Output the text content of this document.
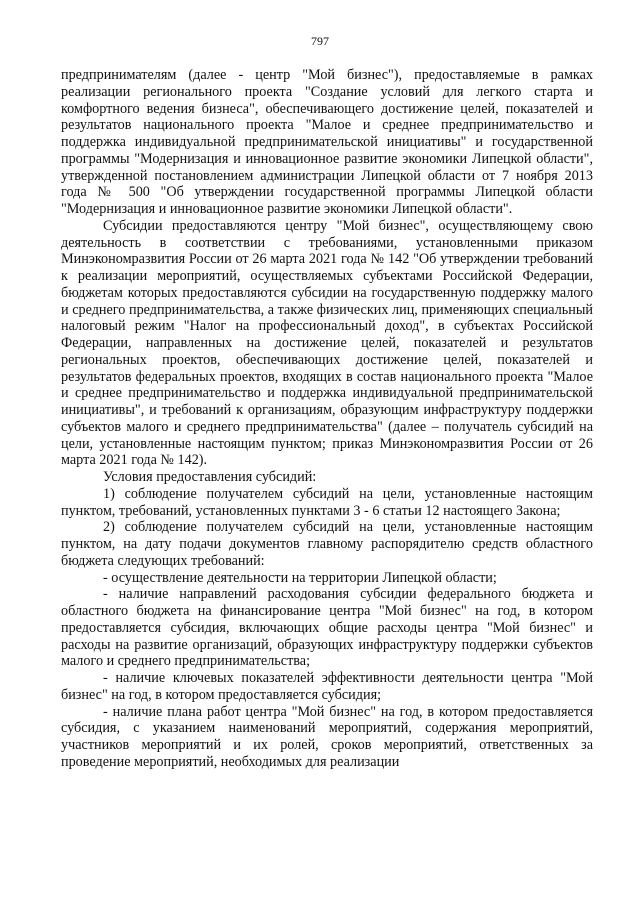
797

предпринимателям (далее - центр "Мой бизнес"), предоставляемые в рамках реализации регионального проекта "Создание условий для легкого старта и комфортного ведения бизнеса", обеспечивающего достижение целей, показателей и результатов национального проекта "Малое и среднее предпринимательство и поддержка индивидуальной предпринимательской инициативы" и государственной программы "Модернизация и инновационное развитие экономики Липецкой области", утвержденной постановлением администрации Липецкой области от 7 ноября 2013 года № 500 "Об утверждении государственной программы Липецкой области "Модернизация и инновационное развитие экономики Липецкой области".

Субсидии предоставляются центру "Мой бизнес", осуществляющему свою деятельность в соответствии с требованиями, установленными приказом Минэкономразвития России от 26 марта 2021 года № 142 "Об утверждении требований к реализации мероприятий, осуществляемых субъектами Российской Федерации, бюджетам которых предоставляются субсидии на государственную поддержку малого и среднего предпринимательства, а также физических лиц, применяющих специальный налоговый режим "Налог на профессиональный доход", в субъектах Российской Федерации, направленных на достижение целей, показателей и результатов региональных проектов, обеспечивающих достижение целей, показателей и результатов федеральных проектов, входящих в состав национального проекта "Малое и среднее предпринимательство и поддержка индивидуальной предпринимательской инициативы", и требований к организациям, образующим инфраструктуру поддержки субъектов малого и среднего предпринимательства" (далее – получатель субсидий на цели, установленные настоящим пунктом; приказ Минэкономразвития России от 26 марта 2021 года № 142).

Условия предоставления субсидий:

1) соблюдение получателем субсидий на цели, установленные настоящим пунктом, требований, установленных пунктами 3 - 6 статьи 12 настоящего Закона;

2) соблюдение получателем субсидий на цели, установленные настоящим пунктом, на дату подачи документов главному распорядителю средств областного бюджета следующих требований:

- осуществление деятельности на территории Липецкой области;

- наличие направлений расходования субсидии федерального бюджета и областного бюджета на финансирование центра "Мой бизнес" на год, в котором предоставляется субсидия, включающих общие расходы центра "Мой бизнес" и расходы на развитие организаций, образующих инфраструктуру поддержки субъектов малого и среднего предпринимательства;

- наличие ключевых показателей эффективности деятельности центра "Мой бизнес" на год, в котором предоставляется субсидия;

- наличие плана работ центра "Мой бизнес" на год, в котором предоставляется субсидия, с указанием наименований мероприятий, содержания мероприятий, участников мероприятий и их ролей, сроков мероприятий, ответственных за проведение мероприятий, необходимых для реализации
